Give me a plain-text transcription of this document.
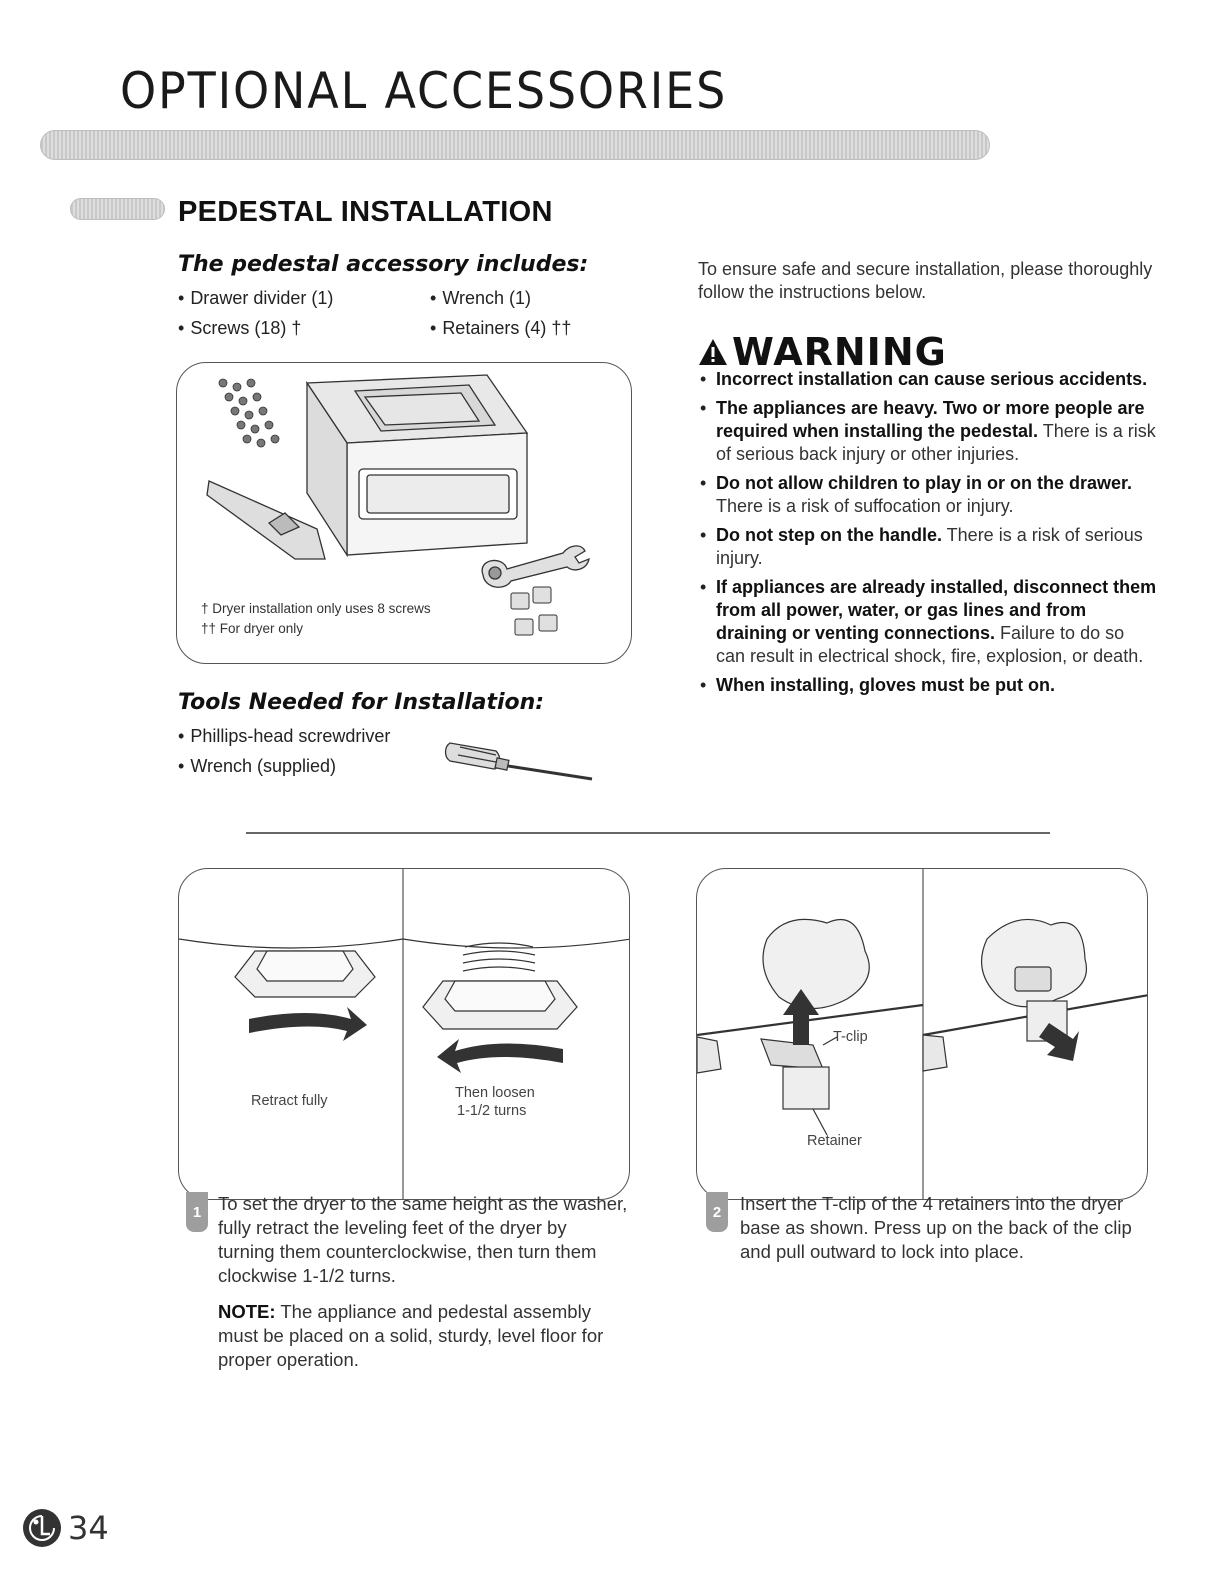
OPTIONAL ACCESSORIES
PEDESTAL INSTALLATION
The pedestal accessory includes:
• Drawer divider (1)	• Wrench (1)
• Screws (18) †	• Retainers (4) ††
† Dryer installation only uses 8 screws
†† For dryer only
Tools Needed for Installation:
• Phillips-head screwdriver
• Wrench (supplied)
To ensure safe and secure installation, please thoroughly follow the instructions below.
WARNING
• Incorrect installation can cause serious accidents.
• The appliances are heavy. Two or more people are required when installing the pedestal. There is a risk of serious back injury or other injuries.
• Do not allow children to play in or on the drawer. There is a risk of suffocation or injury.
• Do not step on the handle. There is a risk of serious injury.
• If appliances are already installed, disconnect them from all power, water, or gas lines and from draining or venting connections. Failure to do so can result in electrical shock, fire, explosion, or death.
• When installing, gloves must be put on.
Retract fully	Then loosen
1-1/2 turns
T-clip
Retainer
1 To set the dryer to the same height as the washer, fully retract the leveling feet of the dryer by turning them counterclockwise, then turn them clockwise 1-1/2 turns.
NOTE: The appliance and pedestal assembly must be placed on a solid, sturdy, level floor for proper operation.
2	Insert the T-clip of the 4 retainers into the dryer base as shown. Press up on the back of the clip and pull outward to lock into place.
34
